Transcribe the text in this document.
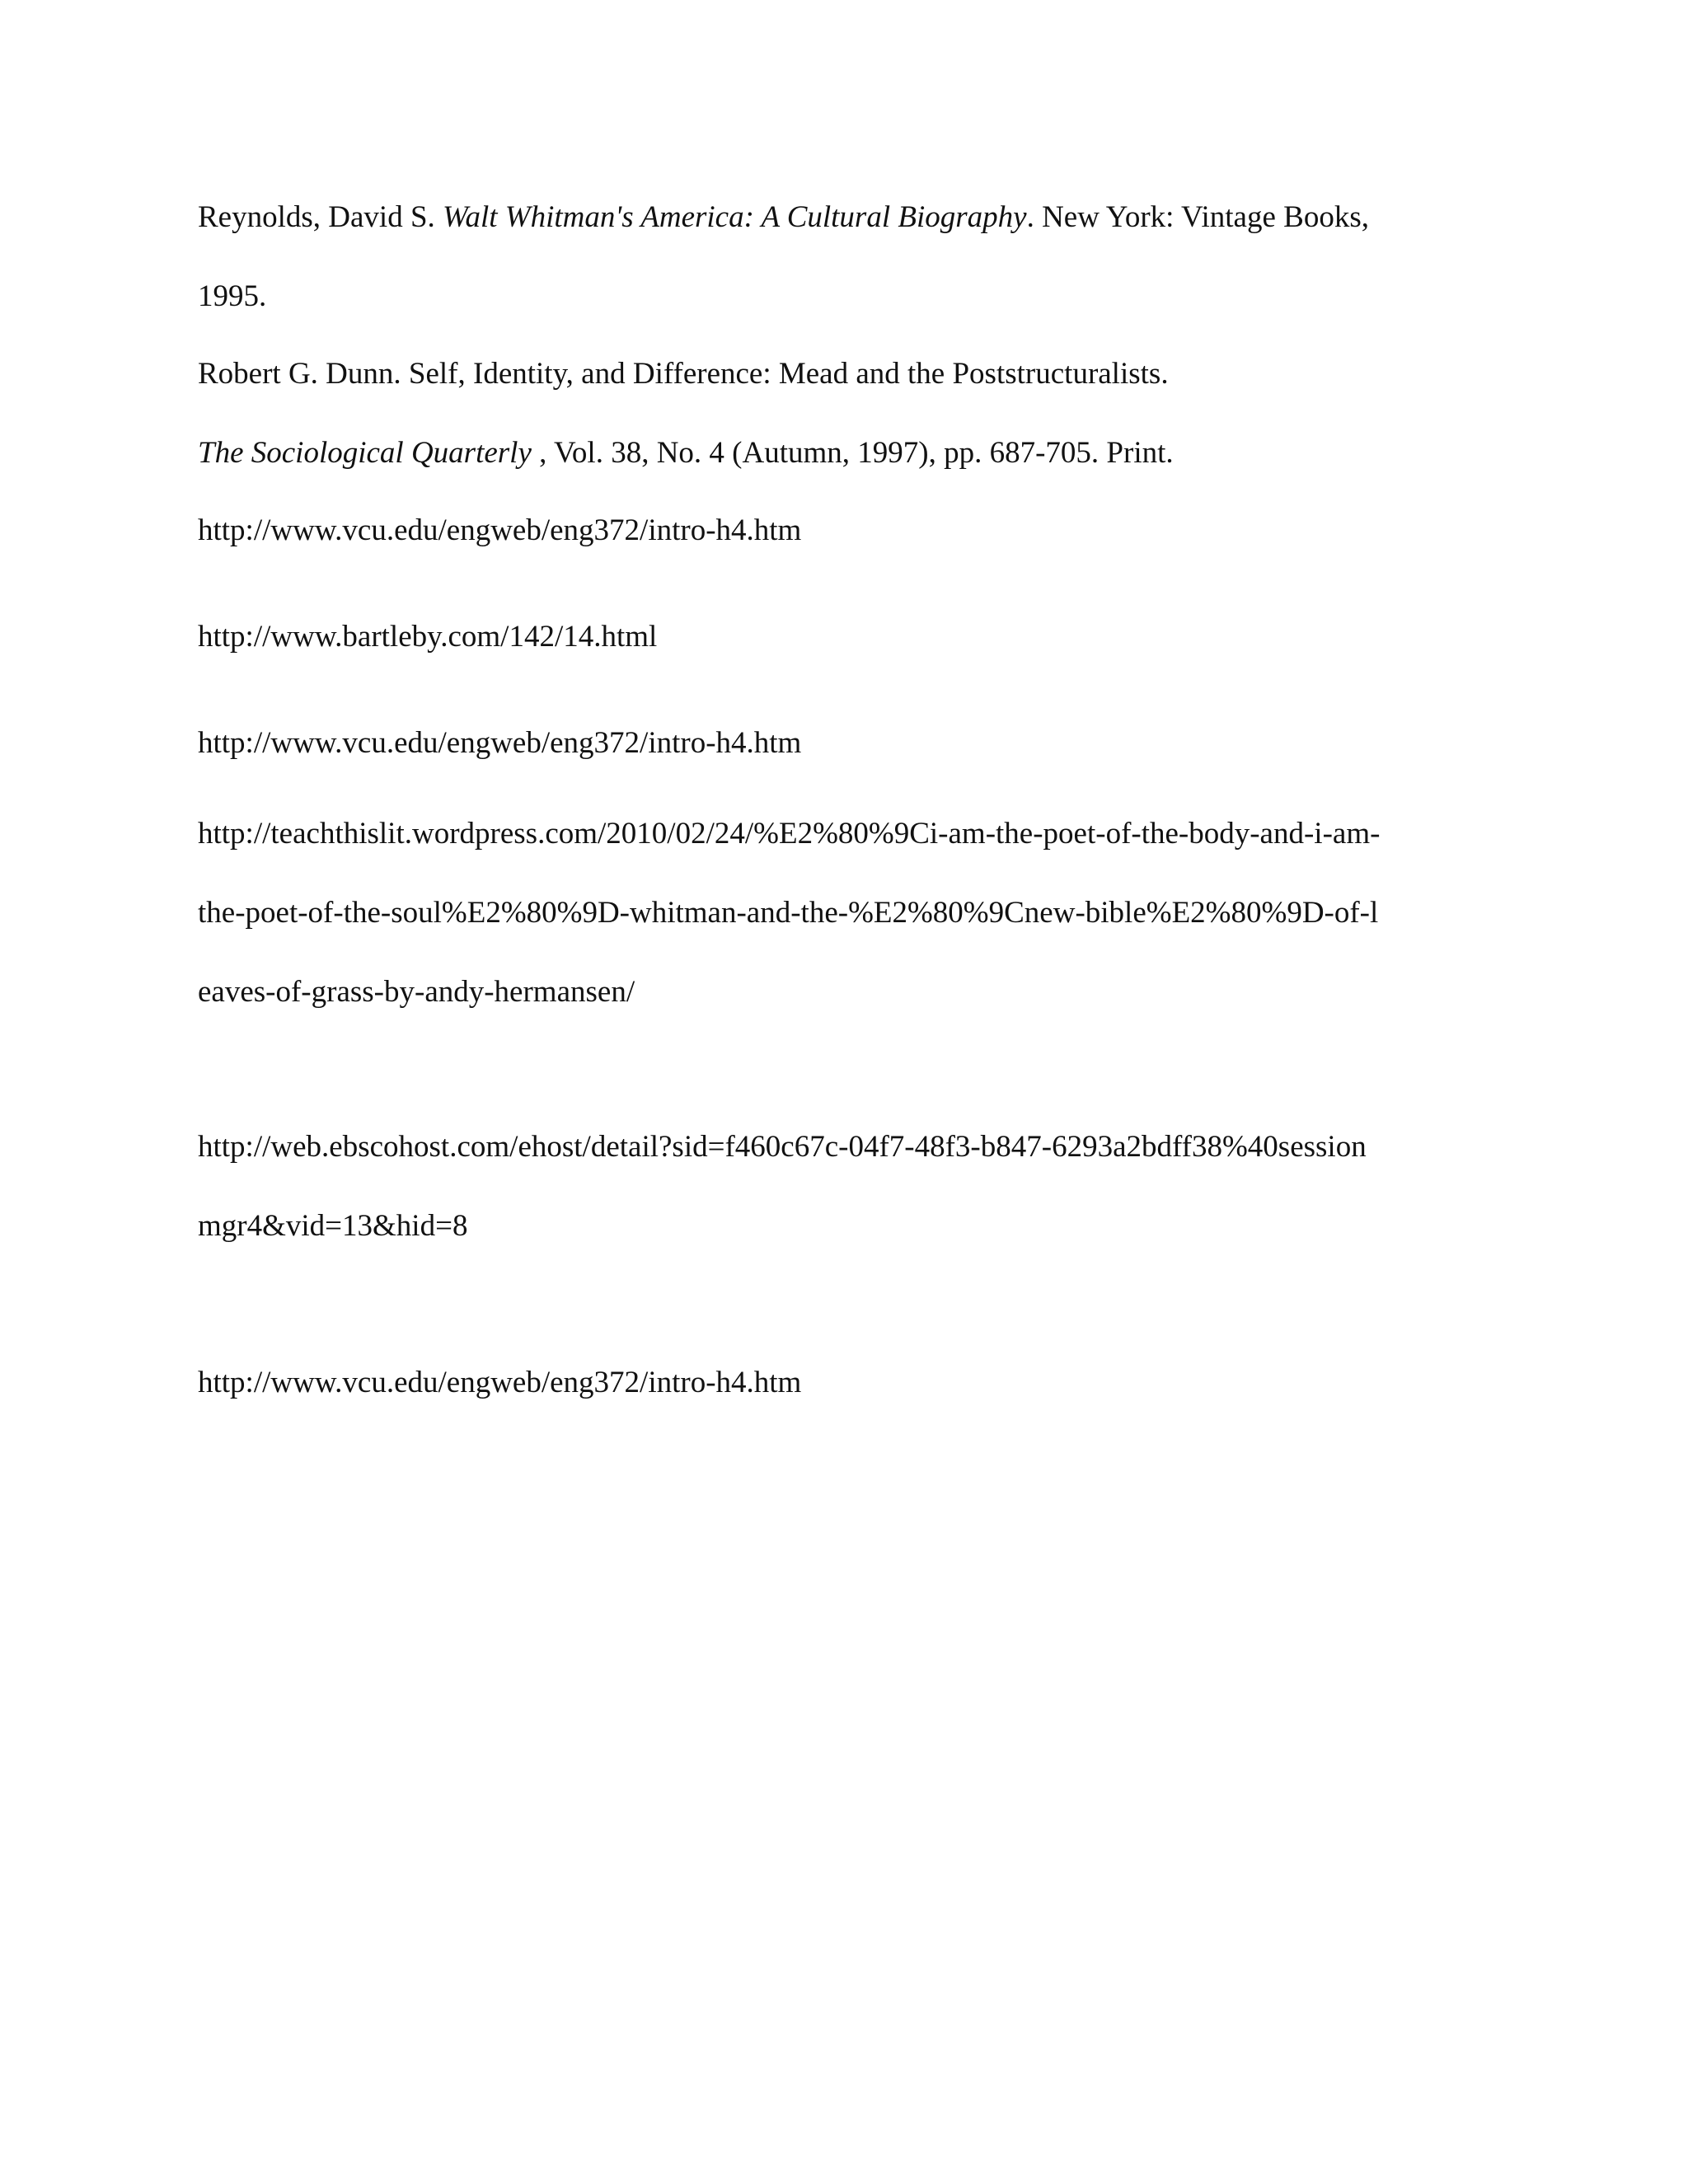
Reynolds, David S. Walt Whitman's America: A Cultural Biography. New York: Vintage Books,
1995.
Robert G. Dunn. Self, Identity, and Difference: Mead and the Poststructuralists.
The Sociological Quarterly , Vol. 38, No. 4 (Autumn, 1997), pp. 687-705. Print.
http://www.vcu.edu/engweb/eng372/intro-h4.htm
http://www.bartleby.com/142/14.html
http://www.vcu.edu/engweb/eng372/intro-h4.htm
http://teachthislit.wordpress.com/2010/02/24/%E2%80%9Ci-am-the-poet-of-the-body-and-i-am-
the-poet-of-the-soul%E2%80%9D-whitman-and-the-%E2%80%9Cnew-bible%E2%80%9D-of-l
eaves-of-grass-by-andy-hermansen/
http://web.ebscohost.com/ehost/detail?sid=f460c67c-04f7-48f3-b847-6293a2bdff38%40session
mgr4&vid=13&hid=8
http://www.vcu.edu/engweb/eng372/intro-h4.htm
